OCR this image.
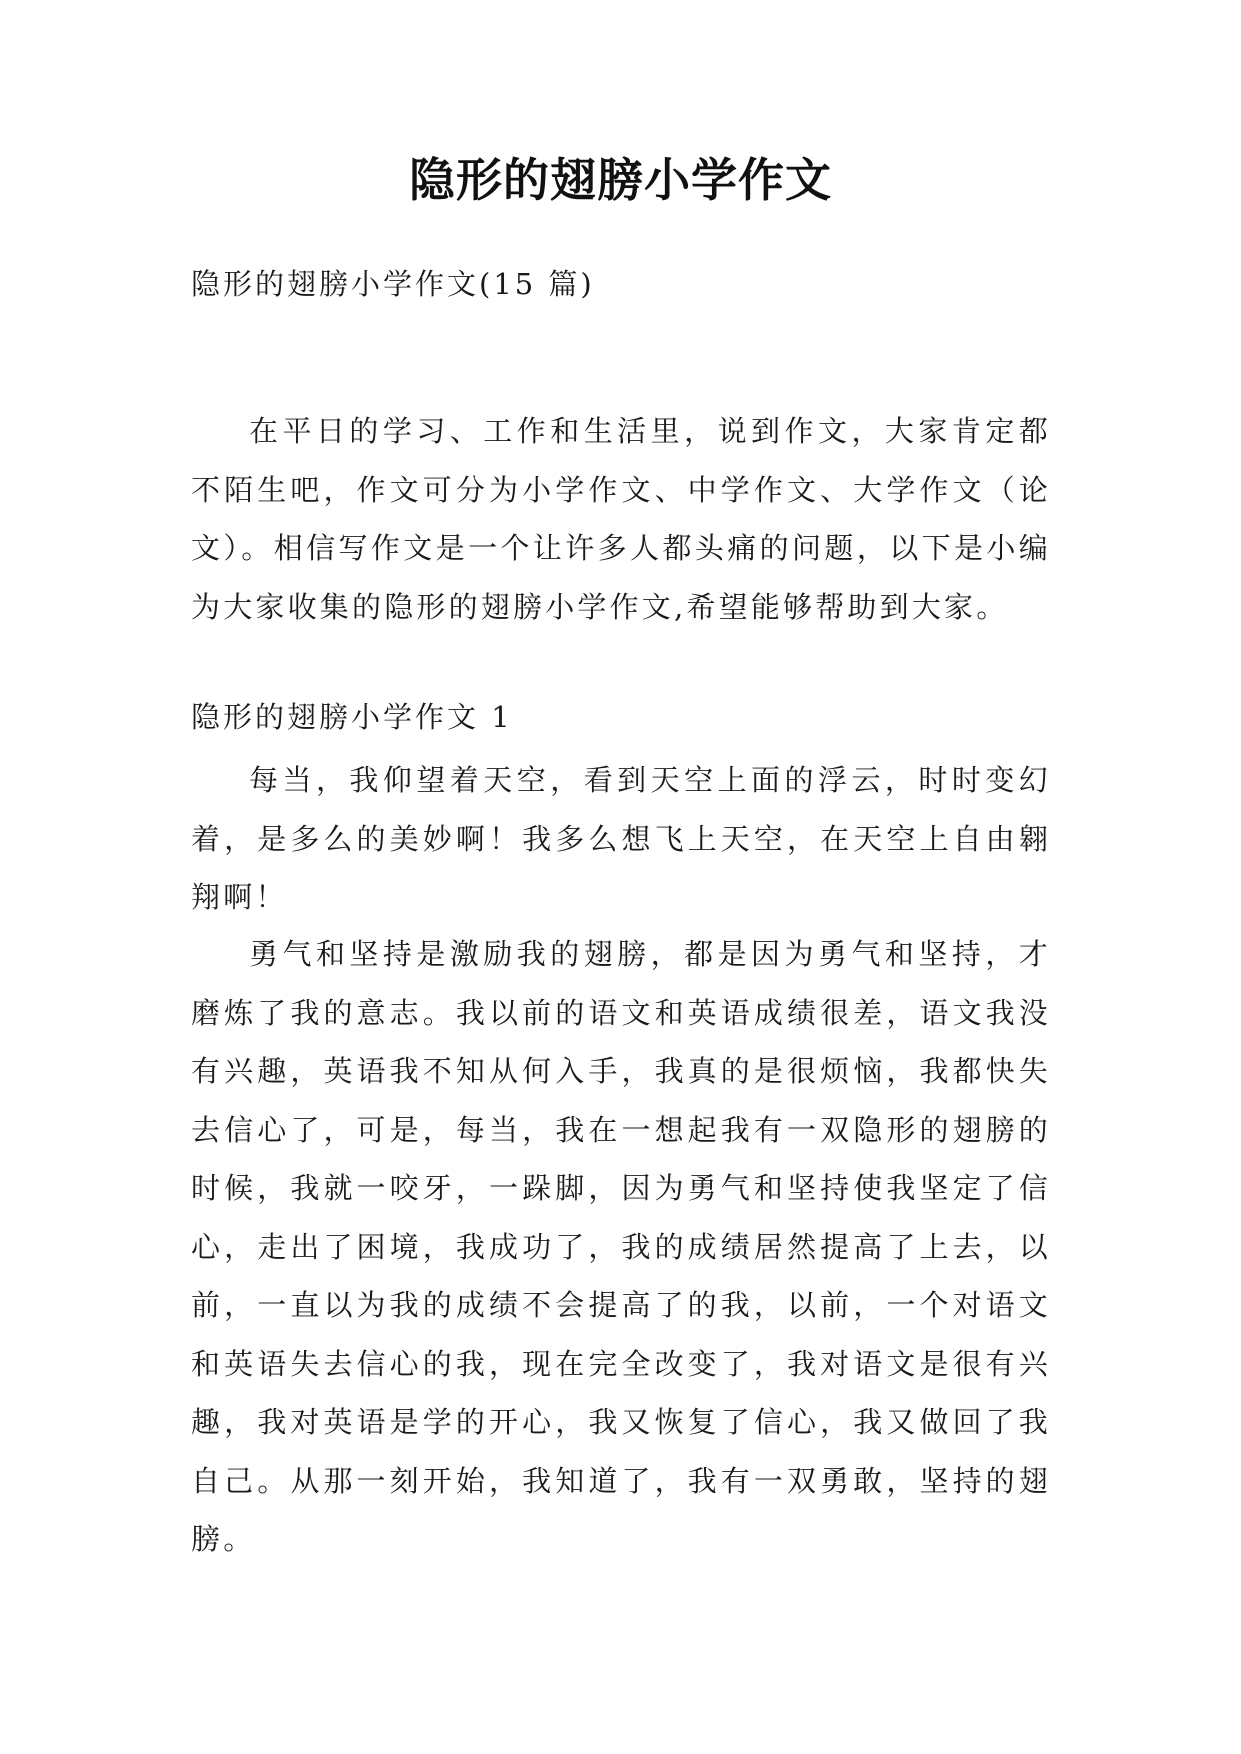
隐形的翅膀小学作文
隐形的翅膀小学作文(15 篇)

在平日的学习、工作和生活里，说到作文，大家肯定都不陌生吧，作文可分为小学作文、中学作文、大学作文（论文）。相信写作文是一个让许多人都头痛的问题，以下是小编为大家收集的隐形的翅膀小学作文,希望能够帮助到大家。

隐形的翅膀小学作文 1

每当，我仰望着天空，看到天空上面的浮云，时时变幻着，是多么的美妙啊！我多么想飞上天空，在天空上自由翱翔啊！

勇气和坚持是激励我的翅膀，都是因为勇气和坚持，才磨炼了我的意志。我以前的语文和英语成绩很差，语文我没有兴趣，英语我不知从何入手，我真的是很烦恼，我都快失去信心了，可是，每当，我在一想起我有一双隐形的翅膀的时候，我就一咬牙，一跺脚，因为勇气和坚持使我坚定了信心，走出了困境，我成功了，我的成绩居然提高了上去，以前，一直以为我的成绩不会提高了的我，以前，一个对语文和英语失去信心的我，现在完全改变了，我对语文是很有兴趣，我对英语是学的开心，我又恢复了信心，我又做回了我自己。从那一刻开始，我知道了，我有一双勇敢，坚持的翅膀。
